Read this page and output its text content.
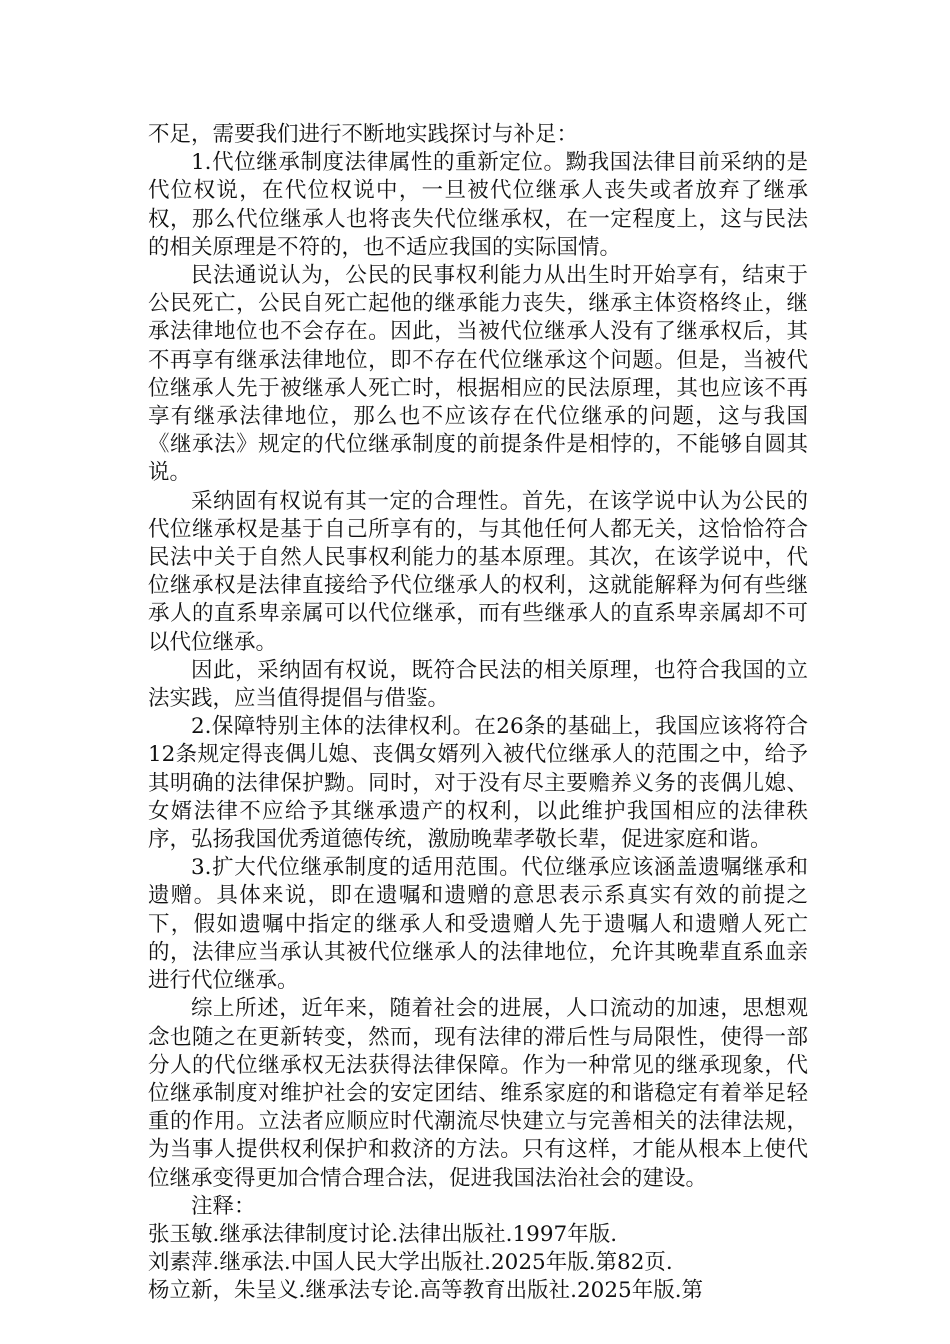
不足，需要我们进行不断地实践探讨与补足：

1.代位继承制度法律属性的重新定位。黝我国法律目前采纳的是代位权说，在代位权说中，一旦被代位继承人丧失或者放弃了继承权，那么代位继承人也将丧失代位继承权，在一定程度上，这与民法的相关原理是不符的，也不适应我国的实际国情。

民法通说认为，公民的民事权利能力从出生时开始享有，结束于公民死亡，公民自死亡起他的继承能力丧失，继承主体资格终止，继承法律地位也不会存在。因此，当被代位继承人没有了继承权后，其不再享有继承法律地位，即不存在代位继承这个问题。但是，当被代位继承人先于被继承人死亡时，根据相应的民法原理，其也应该不再享有继承法律地位，那么也不应该存在代位继承的问题，这与我国《继承法》规定的代位继承制度的前提条件是相悖的，不能够自圆其说。

采纳固有权说有其一定的合理性。首先，在该学说中认为公民的代位继承权是基于自己所享有的，与其他任何人都无关，这恰恰符合民法中关于自然人民事权利能力的基本原理。其次，在该学说中，代位继承权是法律直接给予代位继承人的权利，这就能解释为何有些继承人的直系卑亲属可以代位继承，而有些继承人的直系卑亲属却不可以代位继承。

因此，采纳固有权说，既符合民法的相关原理，也符合我国的立法实践，应当值得提倡与借鉴。

2.保障特别主体的法律权利。在26条的基础上，我国应该将符合12条规定得丧偶儿媳、丧偶女婿列入被代位继承人的范围之中，给予其明确的法律保护黝。同时，对于没有尽主要赡养义务的丧偶儿媳、女婿法律不应给予其继承遗产的权利，以此维护我国相应的法律秩序，弘扬我国优秀道德传统，激励晚辈孝敬长辈，促进家庭和谐。

3.扩大代位继承制度的适用范围。代位继承应该涵盖遗嘱继承和遗赠。具体来说，即在遗嘱和遗赠的意思表示系真实有效的前提之下，假如遗嘱中指定的继承人和受遗赠人先于遗嘱人和遗赠人死亡的，法律应当承认其被代位继承人的法律地位，允许其晚辈直系血亲进行代位继承。

综上所述，近年来，随着社会的进展，人口流动的加速，思想观念也随之在更新转变，然而，现有法律的滞后性与局限性，使得一部分人的代位继承权无法获得法律保障。作为一种常见的继承现象，代位继承制度对维护社会的安定团结、维系家庭的和谐稳定有着举足轻重的作用。立法者应顺应时代潮流尽快建立与完善相关的法律法规，为当事人提供权利保护和救济的方法。只有这样，才能从根本上使代位继承变得更加合情合理合法，促进我国法治社会的建设。

注释：

张玉敏.继承法律制度讨论.法律出版社.1997年版.

刘素萍.继承法.中国人民大学出版社.2025年版.第82页.

杨立新，朱呈义.继承法专论.高等教育出版社.2025年版.第
